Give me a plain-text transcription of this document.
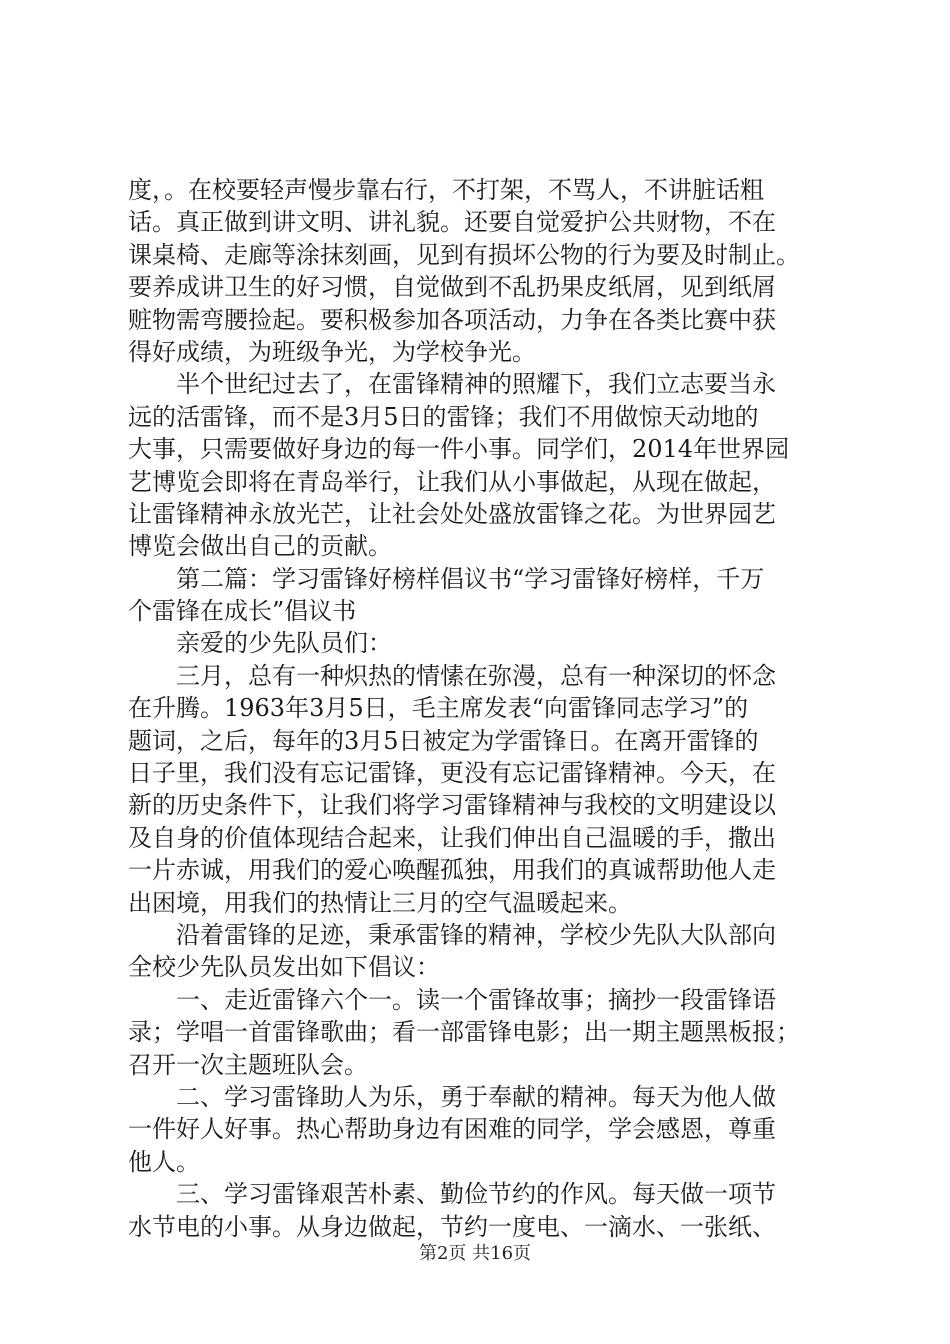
度，。在校要轻声慢步靠右行，不打架，不骂人，不讲脏话粗
话。真正做到讲文明、讲礼貌。还要自觉爱护公共财物，不在
课桌椅、走廊等涂抹刻画，见到有损坏公物的行为要及时制止。
要养成讲卫生的好习惯，自觉做到不乱扔果皮纸屑，见到纸屑
赃物需弯腰捡起。要积极参加各项活动，力争在各类比赛中获
得好成绩，为班级争光，为学校争光。
　　半个世纪过去了，在雷锋精神的照耀下，我们立志要当永
远的活雷锋，而不是3月5日的雷锋；我们不用做惊天动地的
大事，只需要做好身边的每一件小事。同学们，2014年世界园
艺博览会即将在青岛举行，让我们从小事做起，从现在做起，
让雷锋精神永放光芒，让社会处处盛放雷锋之花。为世界园艺
博览会做出自己的贡献。
　　第二篇：学习雷锋好榜样倡议书“学习雷锋好榜样，千万
个雷锋在成长”倡议书
　　亲爱的少先队员们：
　　三月，总有一种炽热的情愫在弥漫，总有一种深切的怀念
在升腾。1963年3月5日，毛主席发表“向雷锋同志学习”的
题词，之后，每年的3月5日被定为学雷锋日。在离开雷锋的
日子里，我们没有忘记雷锋，更没有忘记雷锋精神。今天，在
新的历史条件下，让我们将学习雷锋精神与我校的文明建设以
及自身的价值体现结合起来，让我们伸出自己温暖的手，撒出
一片赤诚，用我们的爱心唤醒孤独，用我们的真诚帮助他人走
出困境，用我们的热情让三月的空气温暖起来。
　　沿着雷锋的足迹，秉承雷锋的精神，学校少先队大队部向
全校少先队员发出如下倡议：
　　一、走近雷锋六个一。读一个雷锋故事；摘抄一段雷锋语
录；学唱一首雷锋歌曲；看一部雷锋电影；出一期主题黑板报；
召开一次主题班队会。
　　二、学习雷锋助人为乐，勇于奉献的精神。每天为他人做
一件好人好事。热心帮助身边有困难的同学，学会感恩，尊重
他人。
　　三、学习雷锋艰苦朴素、勤俭节约的作风。每天做一项节
水节电的小事。从身边做起，节约一度电、一滴水、一张纸、
第2页 共16页
